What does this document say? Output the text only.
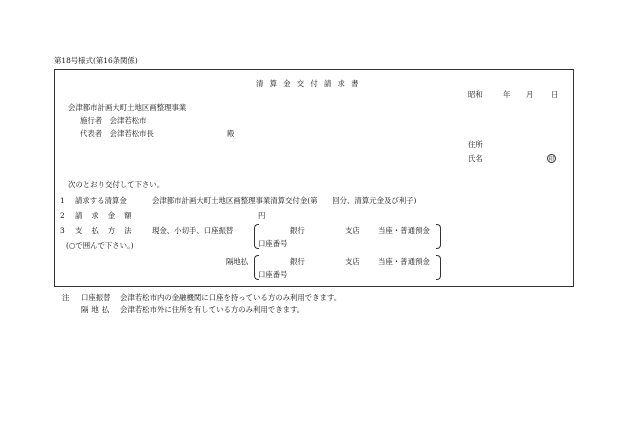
第18号様式(第16条関係)
清算金交付請求書
昭和	年 月 日
会津都市計画大町土地区画整理事業
施行者　会津若松市
代表者　会津若松市長	殿
住所
氏名	印
次のとおり交付して下さい。
1 請求する清算金	会津都市計画大町土地区画整理事業清算交付金(第　　回分、清算元金及び利子)
2 請求金額	円
3 支払方法 現金、小切手、口座振替
(○で囲んで下さい。)
銀行	支店 当座・普通預金
口座番号
隔地払	銀行	支店 当座・普通預金
口座番号
注 口座振替 会津若松市内の金融機関に口座を持っている方のみ利用できます。
隔地払 会津若松市外に住所を有している方のみ利用できます。
